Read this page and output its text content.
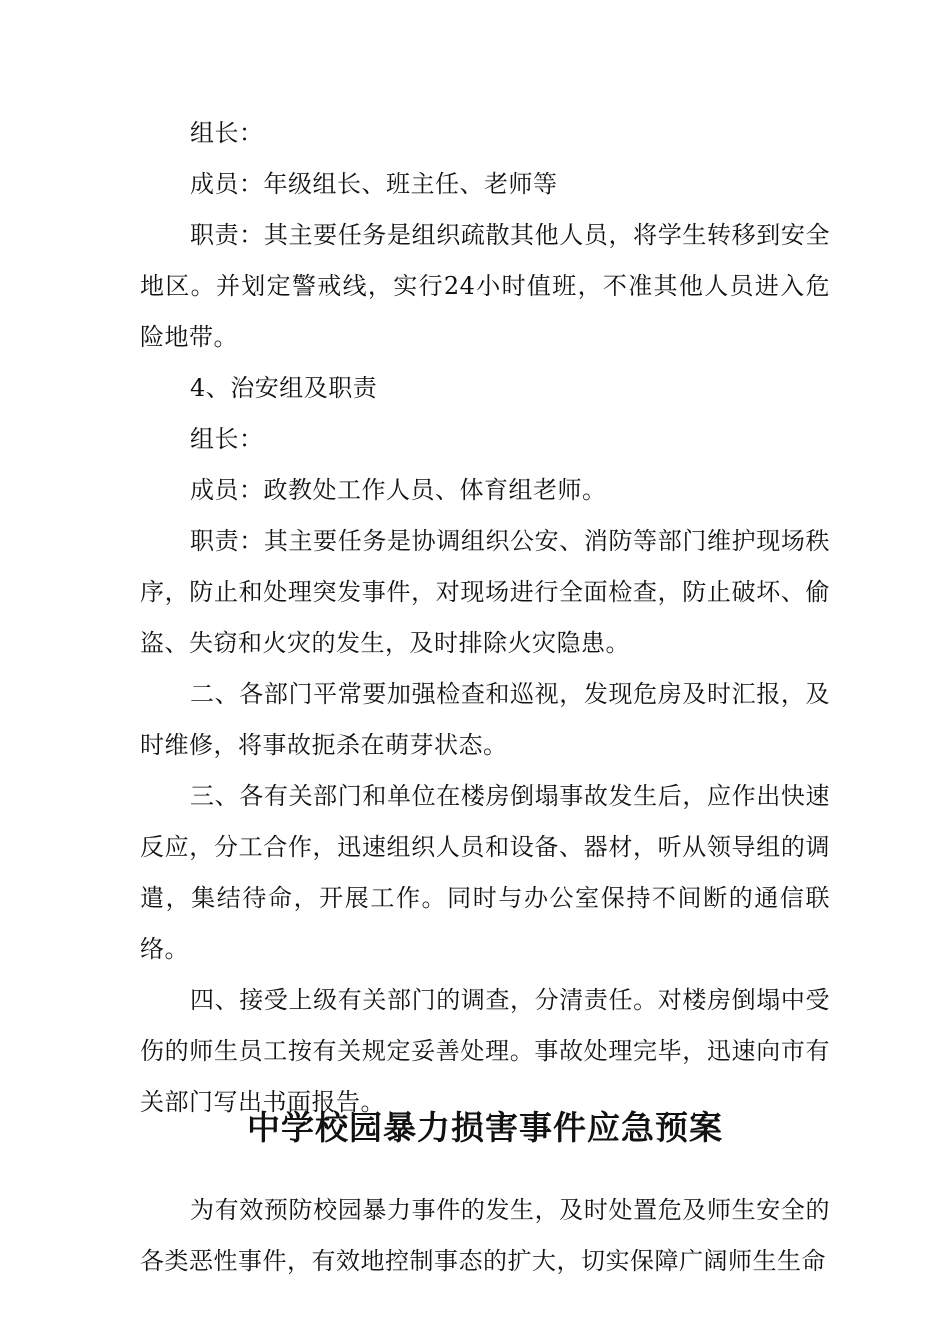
组长：

成员：年级组长、班主任、老师等

职责：其主要任务是组织疏散其他人员，将学生转移到安全地区。并划定警戒线，实行24小时值班，不准其他人员进入危险地带。

4、治安组及职责

组长：

成员：政教处工作人员、体育组老师。

职责：其主要任务是协调组织公安、消防等部门维护现场秩序，防止和处理突发事件，对现场进行全面检查，防止破坏、偷盗、失窃和火灾的发生，及时排除火灾隐患。

二、各部门平常要加强检查和巡视，发现危房及时汇报，及时维修，将事故扼杀在萌芽状态。

三、各有关部门和单位在楼房倒塌事故发生后，应作出快速反应，分工合作，迅速组织人员和设备、器材，听从领导组的调遣，集结待命，开展工作。同时与办公室保持不间断的通信联络。

四、接受上级有关部门的调查，分清责任。对楼房倒塌中受伤的师生员工按有关规定妥善处理。事故处理完毕，迅速向市有关部门写出书面报告。

中学校园暴力损害事件应急预案

为有效预防校园暴力事件的发生，及时处置危及师生安全的各类恶性事件，有效地控制事态的扩大，切实保障广阔师生生命
